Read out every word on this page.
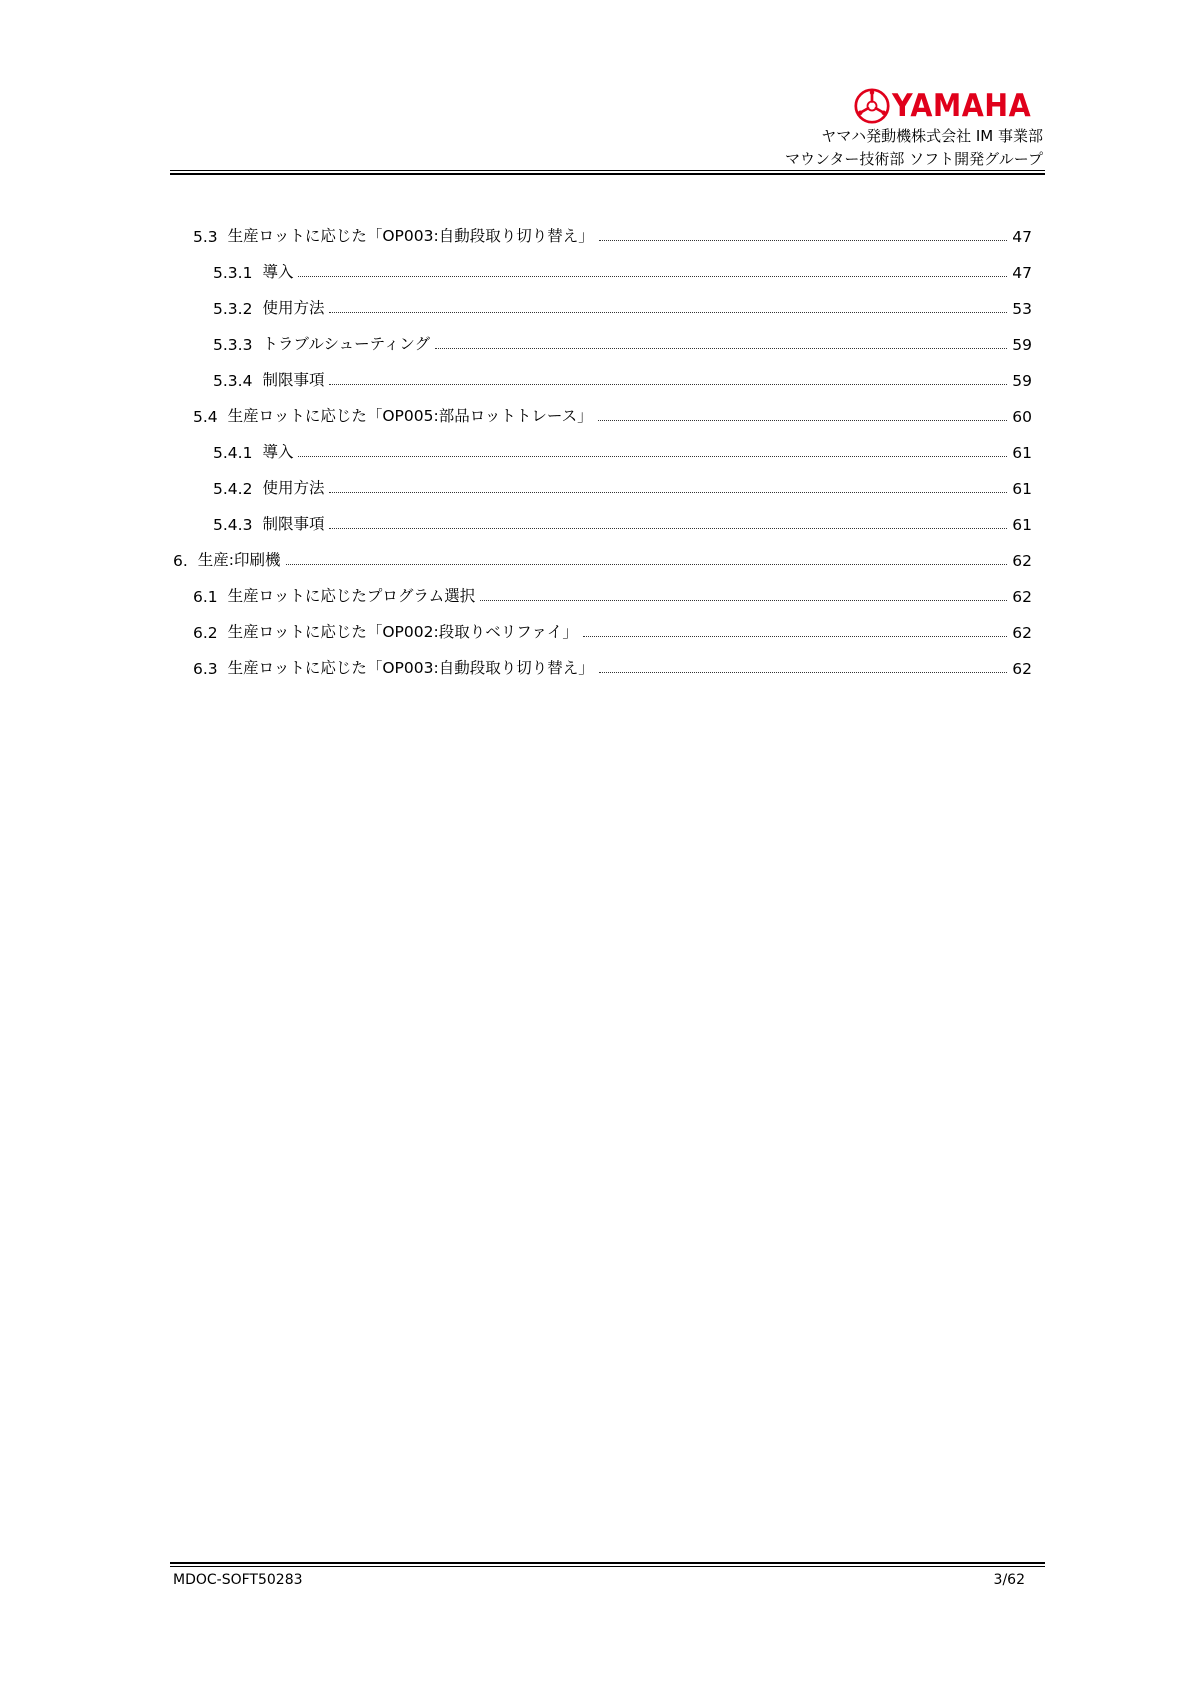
YAMAHA
ヤマハ発動機株式会社 IM 事業部
マウンター技術部 ソフト開発グループ
5.3 生産ロットに応じた「OP003:自動段取り切り替え」	47
5.3.1 導入	47
5.3.2 使用方法	53
5.3.3 トラブルシューティング	59
5.3.4 制限事項	59
5.4 生産ロットに応じた「OP005:部品ロットトレース」	60
5.4.1 導入	61
5.4.2 使用方法	61
5.4.3 制限事項	61
6. 生産:印刷機	62
6.1 生産ロットに応じたプログラム選択	62
6.2 生産ロットに応じた「OP002:段取りベリファイ」	62
6.3 生産ロットに応じた「OP003:自動段取り切り替え」	62
MDOC-SOFT50283	3/62
